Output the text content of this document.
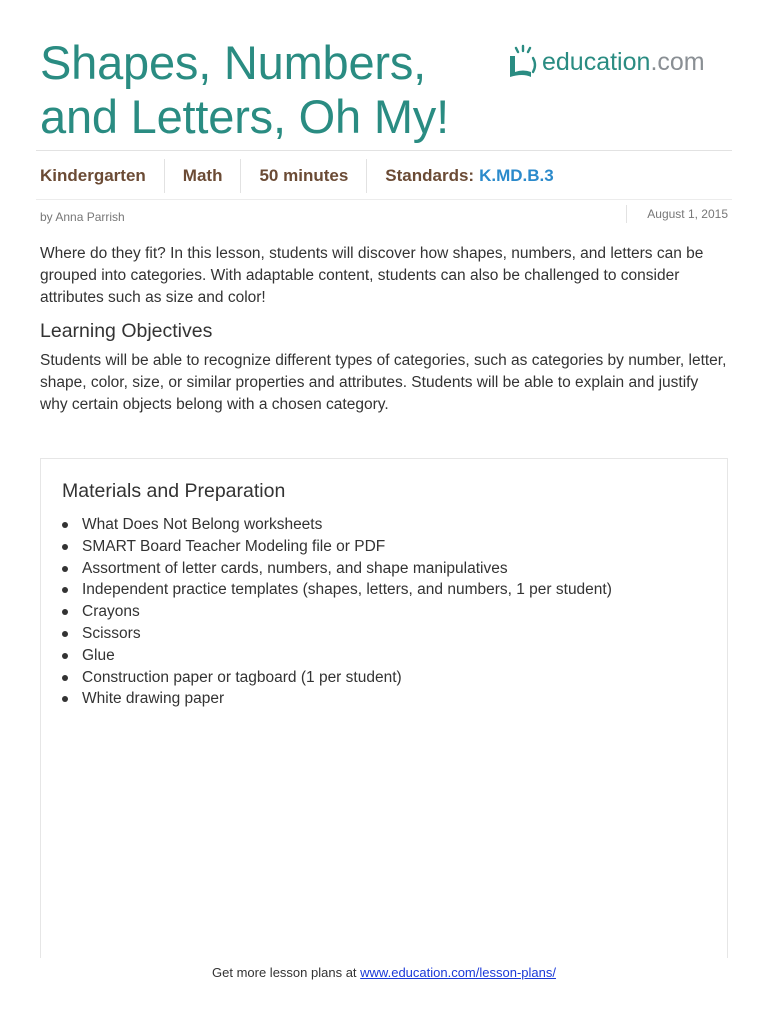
Shapes, Numbers,
and Letters, Oh My!
education.com
Kindergarten	Math	50 minutes	Standards: K.MD.B.3
by Anna Parrish	August 1, 2015

Where do they fit? In this lesson, students will discover how shapes, numbers, and letters can be grouped into categories. With adaptable content, students can also be challenged to consider attributes such as size and color!

Learning Objectives

Students will be able to recognize different types of categories, such as categories by number, letter, shape, color, size, or similar properties and attributes. Students will be able to explain and justify why certain objects belong with a chosen category.

Materials and Preparation
What Does Not Belong worksheets
SMART Board Teacher Modeling file or PDF
Assortment of letter cards, numbers, and shape manipulatives
Independent practice templates (shapes, letters, and numbers, 1 per student)
Crayons
Scissors
Glue
Construction paper or tagboard (1 per student)
White drawing paper
Get more lesson plans at www.education.com/lesson-plans/
